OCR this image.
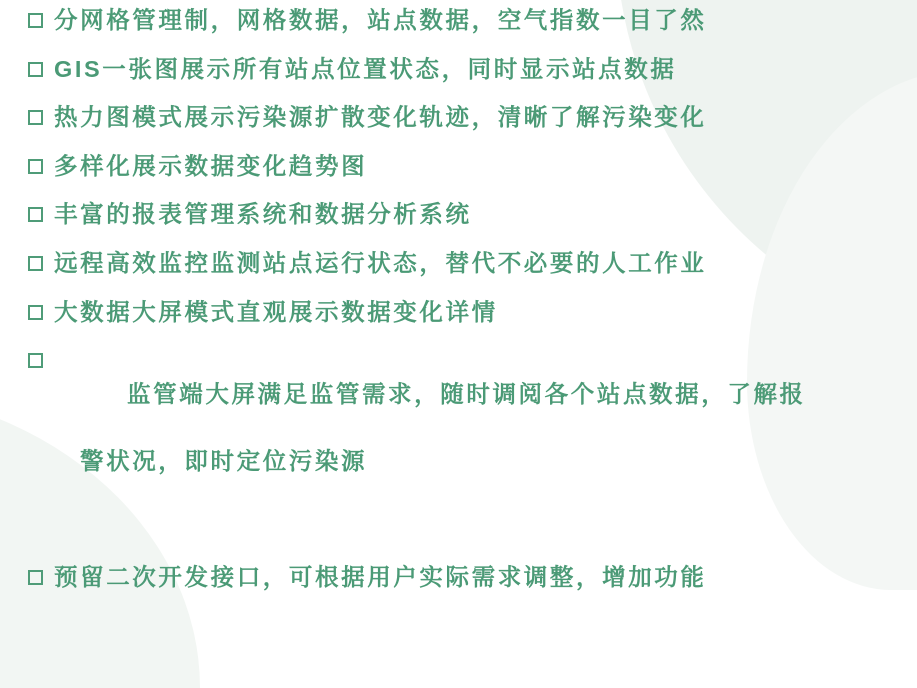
分网格管理制，网格数据，站点数据，空气指数一目了然
GIS一张图展示所有站点位置状态，同时显示站点数据
热力图模式展示污染源扩散变化轨迹，清晰了解污染变化
多样化展示数据变化趋势图
丰富的报表管理系统和数据分析系统
远程高效监控监测站点运行状态，替代不必要的人工作业
大数据大屏模式直观展示数据变化详情

监管端大屏满足监管需求，随时调阅各个站点数据，了解报

警状况，即时定位污染源

预留二次开发接口，可根据用户实际需求调整，增加功能
